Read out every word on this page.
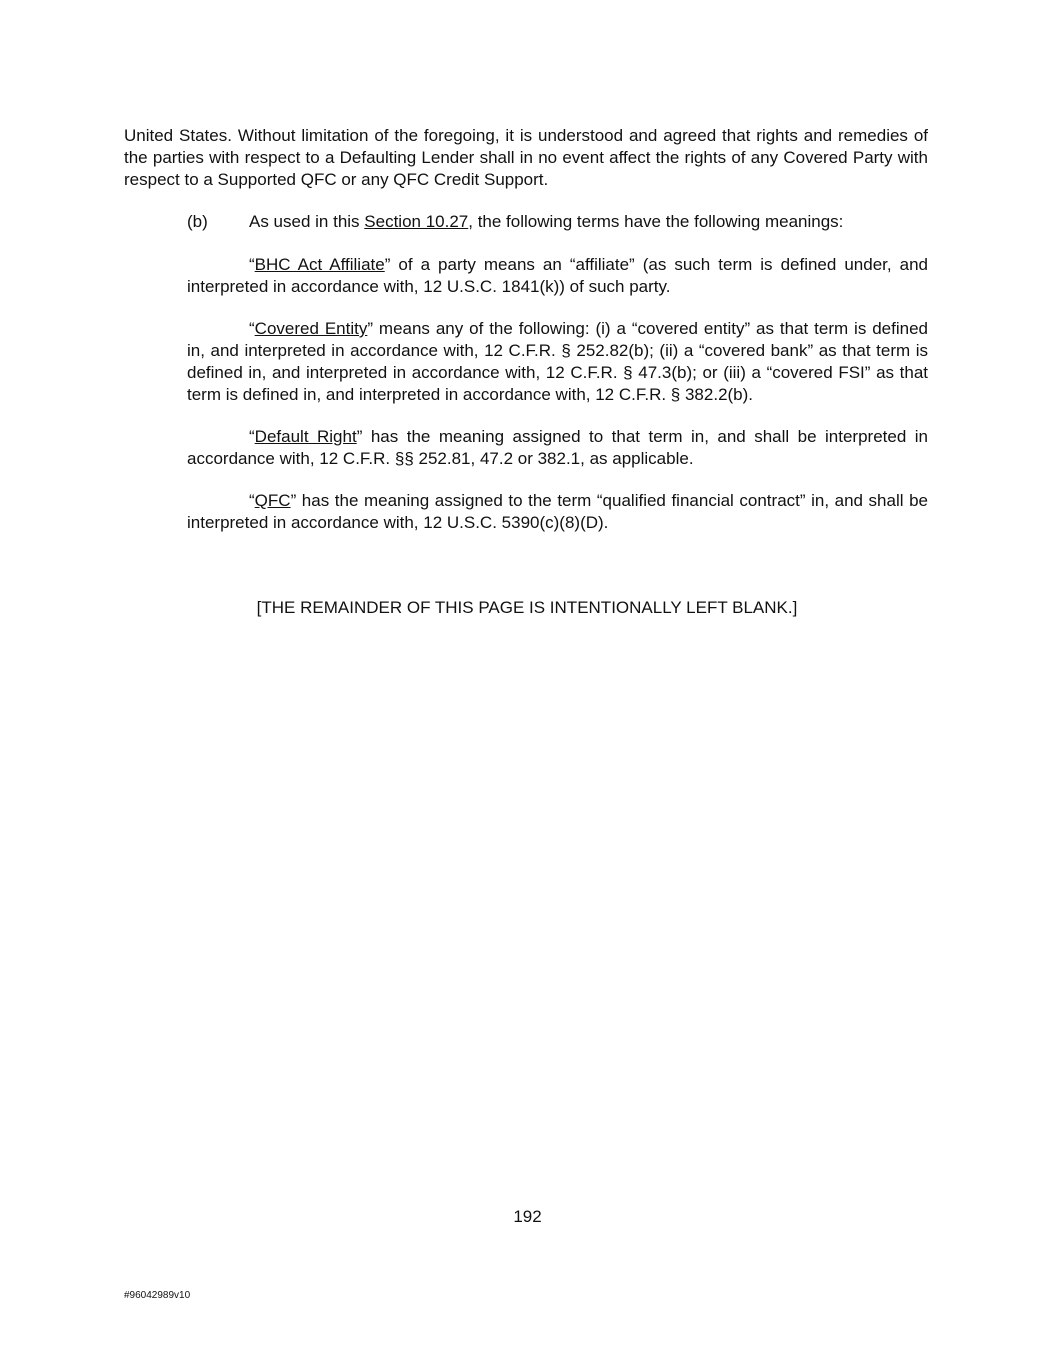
United States. Without limitation of the foregoing, it is understood and agreed that rights and remedies of the parties with respect to a Defaulting Lender shall in no event affect the rights of any Covered Party with respect to a Supported QFC or any QFC Credit Support.

(b) As used in this Section 10.27, the following terms have the following meanings:

“BHC Act Affiliate” of a party means an “affiliate” (as such term is defined under, and interpreted in accordance with, 12 U.S.C. 1841(k)) of such party.

“Covered Entity” means any of the following: (i) a “covered entity” as that term is defined in, and interpreted in accordance with, 12 C.F.R. § 252.82(b); (ii) a “covered bank” as that term is defined in, and interpreted in accordance with, 12 C.F.R. § 47.3(b); or (iii) a “covered FSI” as that term is defined in, and interpreted in accordance with, 12 C.F.R. § 382.2(b).

“Default Right” has the meaning assigned to that term in, and shall be interpreted in accordance with, 12 C.F.R. §§ 252.81, 47.2 or 382.1, as applicable.

“QFC” has the meaning assigned to the term “qualified financial contract” in, and shall be interpreted in accordance with, 12 U.S.C. 5390(c)(8)(D).

[THE REMAINDER OF THIS PAGE IS INTENTIONALLY LEFT BLANK.]
192
#96042989v10
